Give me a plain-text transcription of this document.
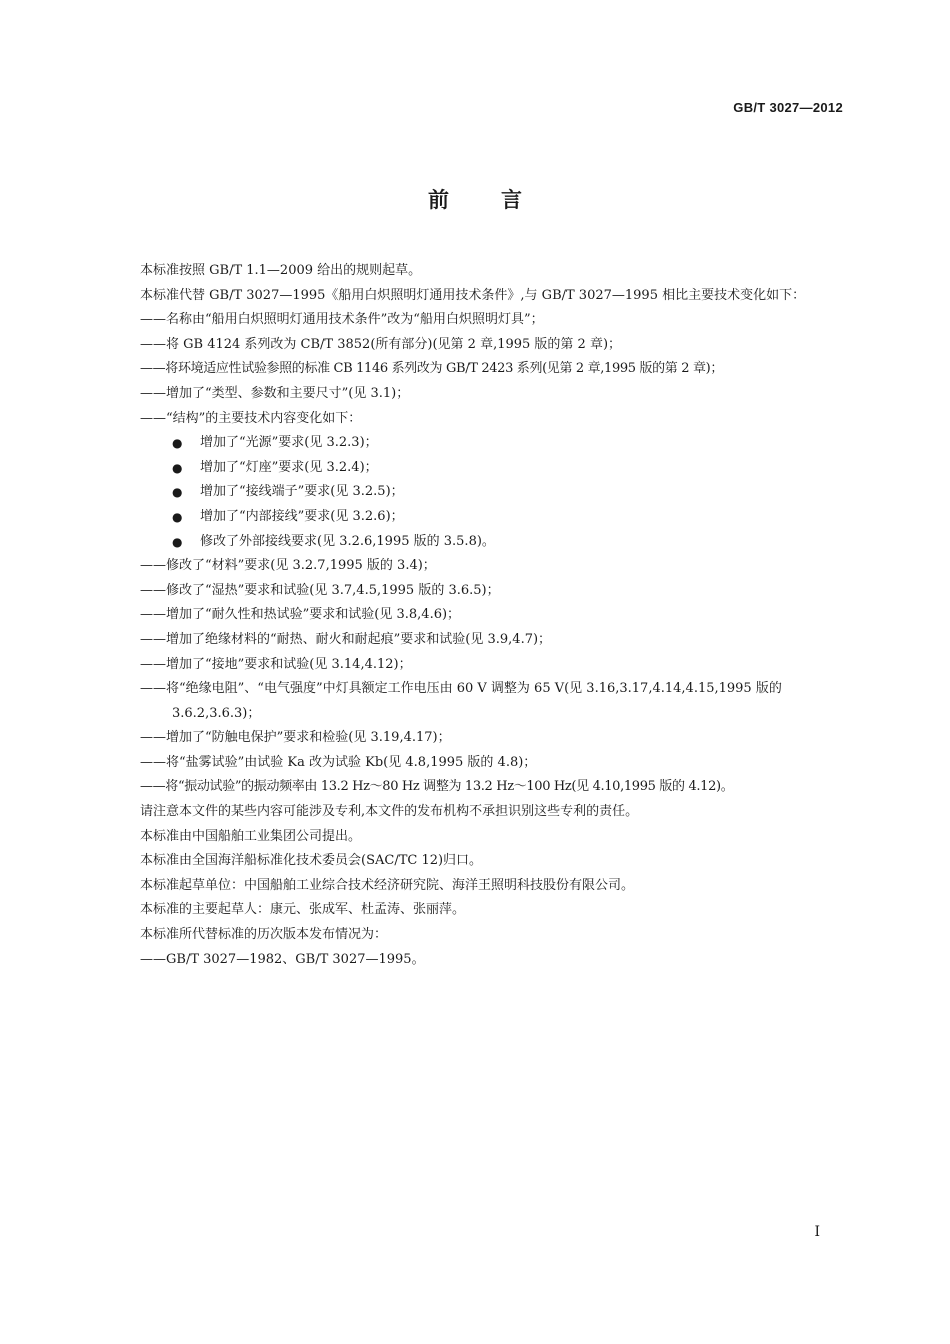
GB/T 3027—2012
前言
本标准按照 GB/T 1.1—2009 给出的规则起草。
本标准代替 GB/T 3027—1995《船用白炽照明灯通用技术条件》,与 GB/T 3027—1995 相比主要技术变化如下：
——名称由“船用白炽照明灯通用技术条件”改为“船用白炽照明灯具”；
——将 GB 4124 系列改为 CB/T 3852(所有部分)(见第 2 章,1995 版的第 2 章)；
——将环境适应性试验参照的标准 CB 1146 系列改为 GB/T 2423 系列(见第 2 章,1995 版的第 2 章)；
——增加了“类型、参数和主要尺寸”(见 3.1)；
——“结构”的主要技术内容变化如下：
● 增加了“光源”要求(见 3.2.3)；
● 增加了“灯座”要求(见 3.2.4)；
● 增加了“接线端子”要求(见 3.2.5)；
● 增加了“内部接线”要求(见 3.2.6)；
● 修改了外部接线要求(见 3.2.6,1995 版的 3.5.8)。
——修改了“材料”要求(见 3.2.7,1995 版的 3.4)；
——修改了“湿热”要求和试验(见 3.7,4.5,1995 版的 3.6.5)；
——增加了“耐久性和热试验”要求和试验(见 3.8,4.6)；
——增加了绝缘材料的“耐热、耐火和耐起痕”要求和试验(见 3.9,4.7)；
——增加了“接地”要求和试验(见 3.14,4.12)；
——将“绝缘电阻”、“电气强度”中灯具额定工作电压由 60 V 调整为 65 V(见 3.16,3.17,4.14,4.15,1995 版的 3.6.2,3.6.3)；
——增加了“防触电保护”要求和检验(见 3.19,4.17)；
——将“盐雾试验”由试验 Ka 改为试验 Kb(见 4.8,1995 版的 4.8)；
——将“振动试验”的振动频率由 13.2 Hz～80 Hz 调整为 13.2 Hz～100 Hz(见 4.10,1995 版的 4.12)。
请注意本文件的某些内容可能涉及专利,本文件的发布机构不承担识别这些专利的责任。
本标准由中国船舶工业集团公司提出。
本标准由全国海洋船标准化技术委员会(SAC/TC 12)归口。
本标准起草单位：中国船舶工业综合技术经济研究院、海洋王照明科技股份有限公司。
本标准的主要起草人：康元、张成军、杜孟涛、张丽萍。
本标准所代替标准的历次版本发布情况为：
——GB/T 3027—1982、GB/T 3027—1995。
I
